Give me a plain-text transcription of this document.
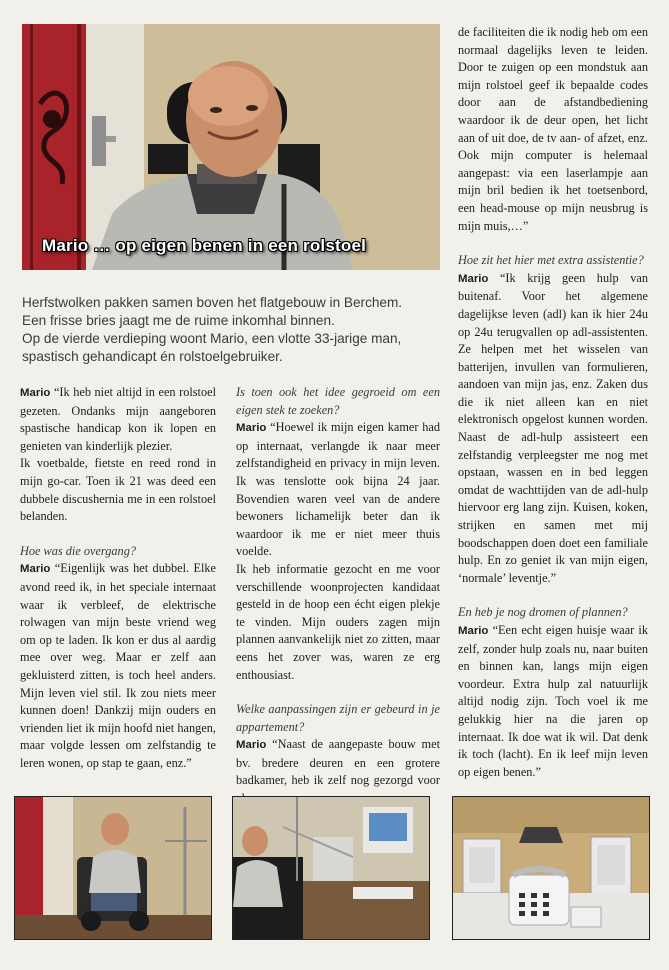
Mario … op eigen benen in een rolstoel

Herfstwolken pakken samen boven het flatgebouw in Berchem.

Een frisse bries jaagt me de ruime inkomhal binnen.

Op de vierde verdieping woont Mario, een vlotte 33-jarige man,

spastisch gehandicapt én rolstoelgebruiker.

Mario “Ik heb niet altijd in een rolstoel gezeten. Ondanks mijn aangeboren spastische handicap kon ik lopen en genieten van kinderlijk plezier.

Ik voetbalde, fietste en reed rond in mijn go-car. Toen ik 21 was deed een dubbele discushernia me in een rolstoel belanden.

Hoe was die overgang?

Mario “Eigenlijk was het dubbel. Elke avond reed ik, in het speciale internaat waar ik verbleef, de elektrische rolwagen van mijn beste vriend weg om op te laden. Ik kon er dus al aardig mee over weg. Maar er zelf aan gekluisterd zitten, is toch heel anders. Mijn leven viel stil. Ik zou niets meer kunnen doen! Dankzij mijn ouders en vrienden liet ik mijn hoofd niet hangen, maar volgde lessen om zelfstandig te leren wonen, op stap te gaan, enz.”

Is toen ook het idee gegroeid om een eigen stek te zoeken?

Mario “Hoewel ik mijn eigen kamer had op internaat, verlangde ik naar meer zelfstandigheid en privacy in mijn leven. Ik was tenslotte ook bijna 24 jaar. Bovendien waren veel van de andere bewoners lichamelijk beter dan ik waardoor ik me er niet meer thuis voelde.

Ik heb informatie gezocht en me voor verschillende woonprojecten kandidaat gesteld in de hoop een écht eigen plekje te vinden. Mijn ouders zagen mijn plannen aanvankelijk niet zo zitten, maar eens het zover was, waren ze erg enthousiast.

Welke aanpassingen zijn er gebeurd in je appartement?

Mario “Naast de aangepaste bouw met bv. bredere deuren en een grotere badkamer, heb ik zelf nog gezorgd voor

de faciliteiten die ik nodig heb om een normaal dagelijks leven te leiden. Door te zuigen op een mondstuk aan mijn rolstoel geef ik bepaalde codes door aan de afstandbediening waardoor ik de deur open, het licht aan of uit doe, de tv aan- of afzet, enz. Ook mijn computer is helemaal aangepast: via een laserlampje aan mijn bril bedien ik het toetsenbord, een head-mouse op mijn neusbrug is mijn muis,…”

Hoe zit het hier met extra assistentie?

Mario “Ik krijg geen hulp van buitenaf. Voor het algemene dagelijkse leven (adl) kan ik hier 24u op 24u terugvallen op adl-assistenten. Ze helpen met het wisselen van batterijen, invullen van formulieren, aandoen van mijn jas, enz. Zaken dus die ik niet alleen kan en niet elektronisch opgelost kunnen worden. Naast de adl-hulp assisteert een zelfstandig verpleegster me nog met opstaan, wassen en in bed leggen omdat de wachttijden van de adl-hulp hiervoor erg lang zijn. Kuisen, koken, strijken en samen met mij boodschappen doen doet een familiale hulp. En zo geniet ik van mijn eigen, ‘normale’ leventje.”

En heb je nog dromen of plannen?

Mario “Een echt eigen huisje waar ik zelf, zonder hulp zoals nu, naar buiten en binnen kan, langs mijn eigen voordeur. Extra hulp zal natuurlijk altijd nodig zijn. Toch voel ik me gelukkig hier na die jaren op internaat. Ik doe wat ik wil. Dat denk ik toch (lacht). En ik leef mijn leven op eigen benen.”
